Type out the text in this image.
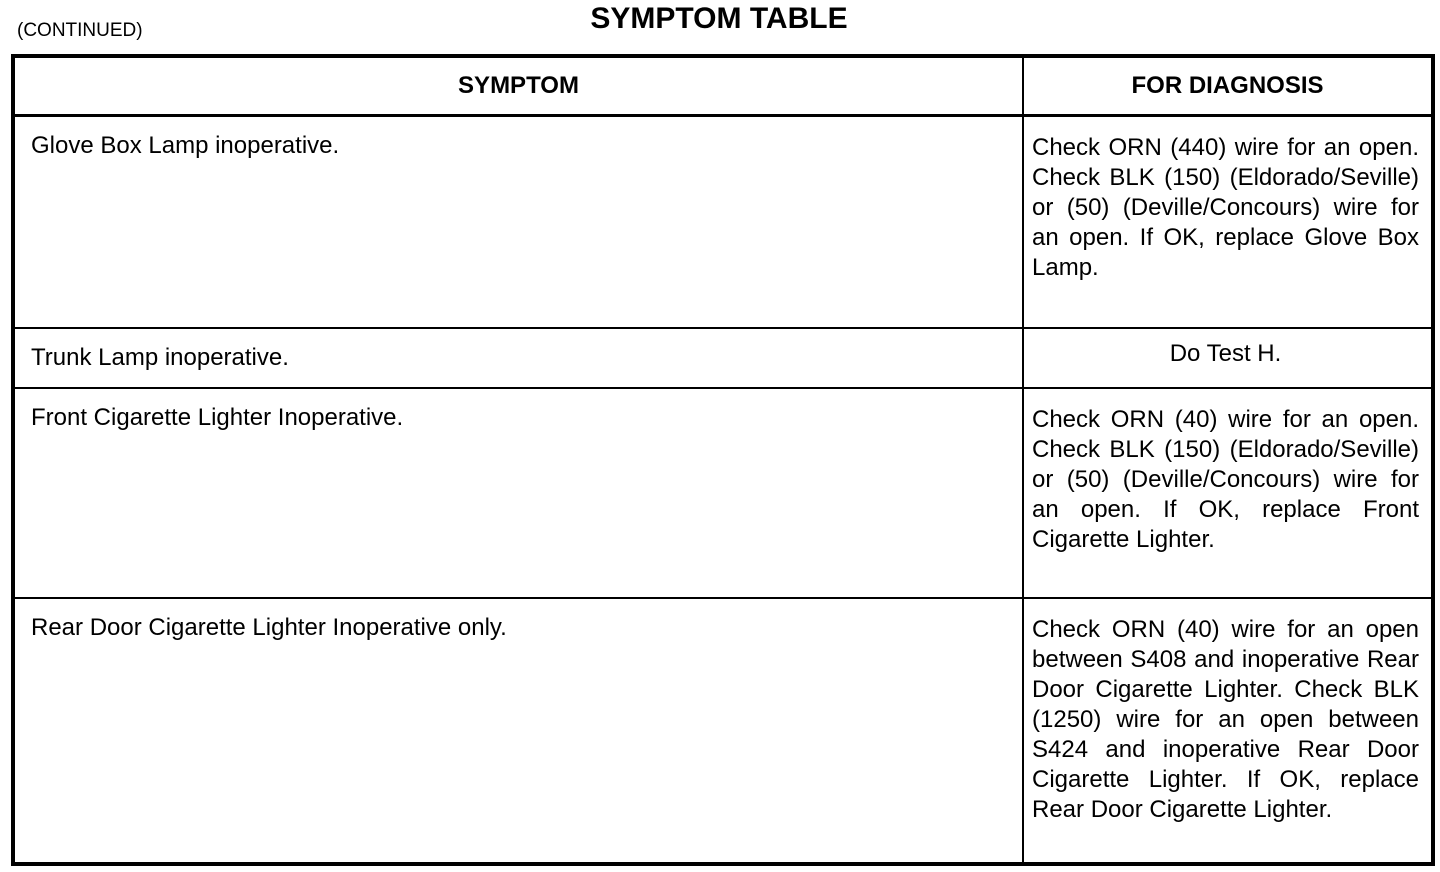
(CONTINUED)	SYMPTOM TABLE
SYMPTOM	FOR DIAGNOSIS
Glove Box Lamp inoperative.	Check ORN (440) wire for an open. Check BLK (150) (Eldorado/Seville) or (50) (Deville/Concours) wire for an open. If OK, replace Glove Box Lamp.
Trunk Lamp inoperative.	Do Test H.
Front Cigarette Lighter Inoperative.	Check ORN (40) wire for an open. Check BLK (150) (Eldorado/Seville) or (50) (Deville/Concours) wire for an open. If OK, replace Front Cigarette Lighter.
Rear Door Cigarette Lighter Inoperative only.	Check ORN (40) wire for an open between S408 and inoperative Rear Door Cigarette Lighter. Check BLK (1250) wire for an open between S424 and inoperative Rear Door Cigarette Lighter. If OK, replace Rear Door Cigarette Lighter.
